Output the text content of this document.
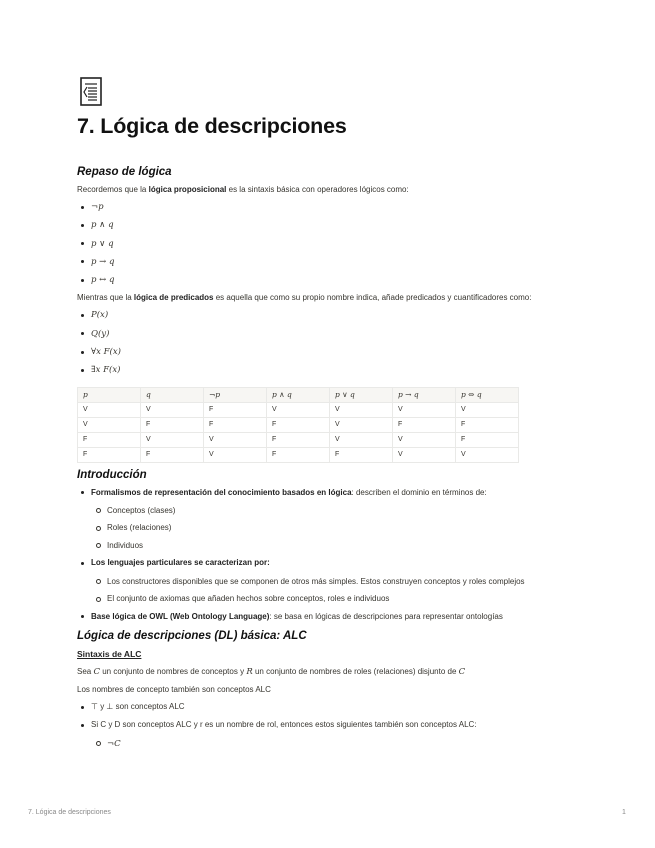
7. Lógica de descripciones
Repaso de lógica

Recordemos que la lógica proposicional es la sintaxis básica con operadores lógicos como:

¬p
p ∧ q
p ∨ q
p → q
p ↔ q

Mientras que la lógica de predicados es aquella que como su propio nombre indica, añade predicados y cuantificadores como:

P(x)
Q(y)
∀x F(x)
∃x F(x)
p	q	¬p	p ∧ q	p ∨ q	p → q	p ⇔ q
V	V	F	V	V	V	V
V	F	F	F	V	F	F
F	V	V	F	V	V	F
F	F	V	F	F	V	V
Introducción
Formalismos de representación del conocimiento basados en lógica: describen el dominio en términos de:
Conceptos (clases)
Roles (relaciones)
Individuos
Los lenguajes particulares se caracterizan por:
Los constructores disponibles que se componen de otros más simples. Estos construyen conceptos y roles complejos
El conjunto de axiomas que añaden hechos sobre conceptos, roles e individuos
Base lógica de OWL (Web Ontology Language): se basa en lógicas de descripciones para representar ontologías
Lógica de descripciones (DL) básica: ALC
Sintaxis de ALC

Sea C un conjunto de nombres de conceptos y R un conjunto de nombres de roles (relaciones) disjunto de C

Los nombres de concepto también son conceptos ALC

⊤ y ⊥ son conceptos ALC
Si C y D son conceptos ALC y r es un nombre de rol, entonces estos siguientes también son conceptos ALC:
¬C
7. Lógica de descripciones	1
